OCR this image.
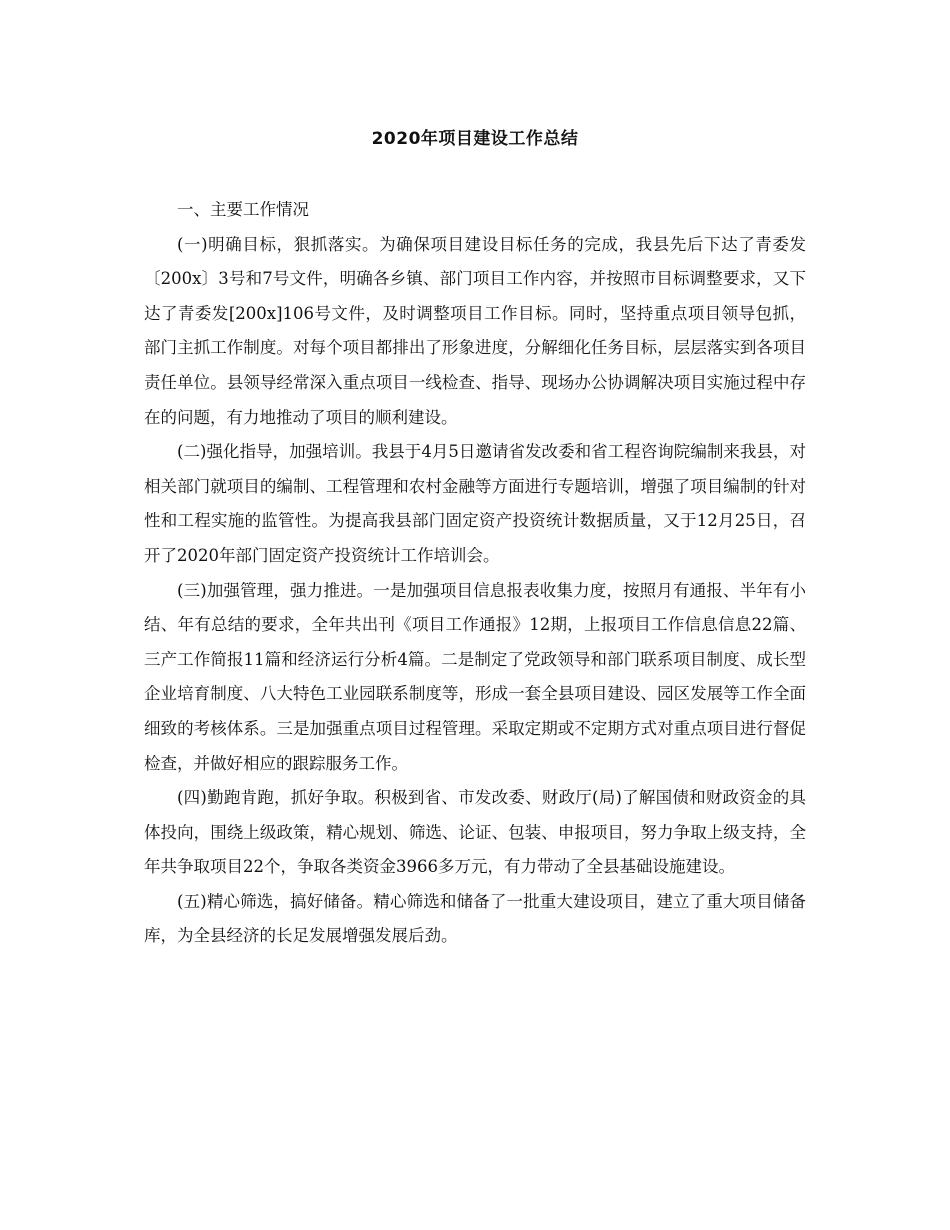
2020年项目建设工作总结

一、主要工作情况

(一)明确目标，狠抓落实。为确保项目建设目标任务的完成，我县先后下达了青委发〔200x〕3号和7号文件，明确各乡镇、部门项目工作内容，并按照市目标调整要求，又下达了青委发[200x]106号文件，及时调整项目工作目标。同时，坚持重点项目领导包抓，部门主抓工作制度。对每个项目都排出了形象进度，分解细化任务目标，层层落实到各项目责任单位。县领导经常深入重点项目一线检查、指导、现场办公协调解决项目实施过程中存在的问题，有力地推动了项目的顺利建设。

(二)强化指导，加强培训。我县于4月5日邀请省发改委和省工程咨询院编制来我县，对相关部门就项目的编制、工程管理和农村金融等方面进行专题培训，增强了项目编制的针对性和工程实施的监管性。为提高我县部门固定资产投资统计数据质量，又于12月25日，召开了2020年部门固定资产投资统计工作培训会。

(三)加强管理，强力推进。一是加强项目信息报表收集力度，按照月有通报、半年有小结、年有总结的要求，全年共出刊《项目工作通报》12期，上报项目工作信息信息22篇、三产工作简报11篇和经济运行分析4篇。二是制定了党政领导和部门联系项目制度、成长型企业培育制度、八大特色工业园联系制度等，形成一套全县项目建设、园区发展等工作全面细致的考核体系。三是加强重点项目过程管理。采取定期或不定期方式对重点项目进行督促检查，并做好相应的跟踪服务工作。

(四)勤跑肯跑，抓好争取。积极到省、市发改委、财政厅(局)了解国债和财政资金的具体投向，围绕上级政策，精心规划、筛选、论证、包装、申报项目，努力争取上级支持，全年共争取项目22个，争取各类资金3966多万元，有力带动了全县基础设施建设。

(五)精心筛选，搞好储备。精心筛选和储备了一批重大建设项目，建立了重大项目储备库，为全县经济的长足发展增强发展后劲。
